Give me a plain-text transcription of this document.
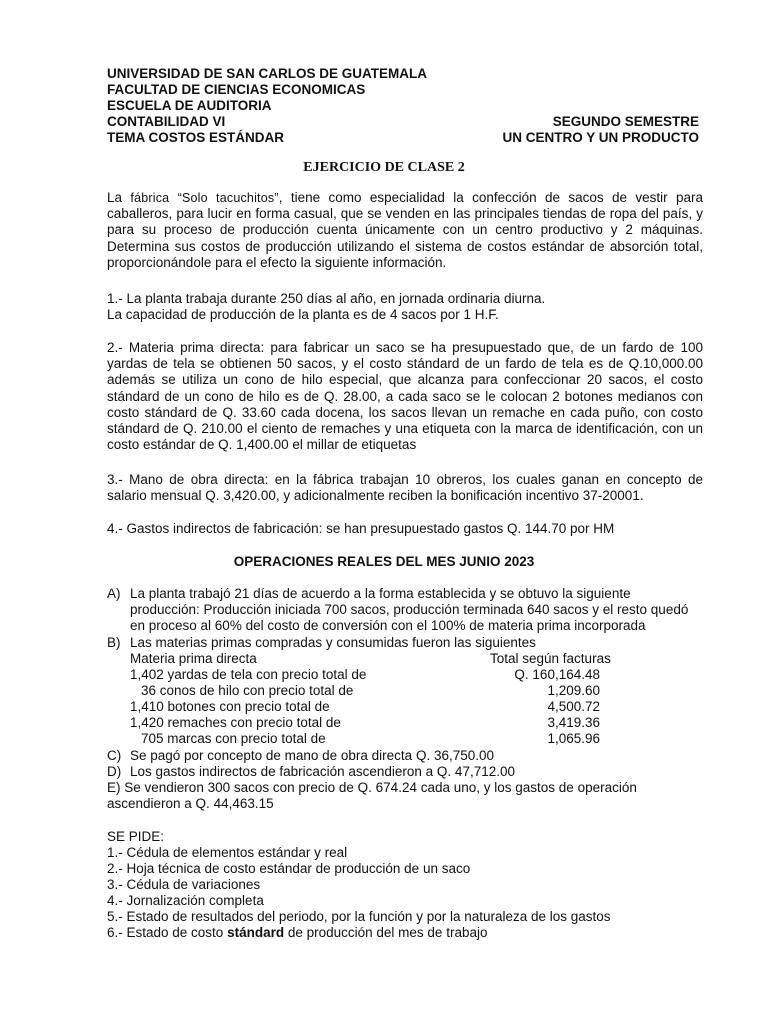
UNIVERSIDAD DE SAN CARLOS DE GUATEMALA
FACULTAD DE CIENCIAS ECONOMICAS
ESCUELA DE AUDITORIA
CONTABILIDAD VI	SEGUNDO SEMESTRE
TEMA COSTOS ESTÁNDAR	UN CENTRO Y UN PRODUCTO
EJERCICIO DE CLASE 2

La fábrica “Solo tacuchitos”, tiene como especialidad la confección de sacos de vestir para caballeros, para lucir en forma casual, que se venden en las principales tiendas de ropa del país, y para su proceso de producción cuenta únicamente con un centro productivo y 2 máquinas. Determina sus costos de producción utilizando el sistema de costos estándar de absorción total, proporcionándole para el efecto la siguiente información.

1.- La planta trabaja durante 250 días al año, en jornada ordinaria diurna.
La capacidad de producción de la planta es de 4 sacos por 1 H.F.

2.- Materia prima directa: para fabricar un saco se ha presupuestado que, de un fardo de 100 yardas de tela se obtienen 50 sacos, y el costo stándard de un fardo de tela es de Q.10,000.00 además se utiliza un cono de hilo especial, que alcanza para confeccionar 20 sacos, el costo stándard de un cono de hilo es de Q. 28.00, a cada saco se le colocan 2 botones medianos con costo stándard de Q. 33.60 cada docena, los sacos llevan un remache en cada puño, con costo stándard de Q. 210.00 el ciento de remaches y una etiqueta con la marca de identificación, con un costo estándar de Q. 1,400.00 el millar de etiquetas

3.- Mano de obra directa: en la fábrica trabajan 10 obreros, los cuales ganan en concepto de salario mensual Q. 3,420.00, y adicionalmente reciben la bonificación incentivo 37-20001.

4.- Gastos indirectos de fabricación: se han presupuestado gastos Q. 144.70 por HM
OPERACIONES REALES DEL MES JUNIO 2023
A) La planta trabajó 21 días de acuerdo a la forma establecida y se obtuvo la siguiente producción: Producción iniciada 700 sacos, producción terminada 640 sacos y el resto quedó en proceso al 60% del costo de conversión con el 100% de materia prima incorporada
B) Las materias primas compradas y consumidas fueron las siguientes
Materia prima directa	Total según facturas
1,402 yardas de tela con precio total de	Q. 160,164.48
36 conos de hilo con precio total de	1,209.60
1,410 botones con precio total de	4,500.72
1,420 remaches con precio total de	3,419.36
705 marcas con precio total de	1,065.96
C) Se pagó por concepto de mano de obra directa Q. 36,750.00
D) Los gastos indirectos de fabricación ascendieron a Q. 47,712.00
E) Se vendieron 300 sacos con precio de Q. 674.24 cada uno, y los gastos de operación ascendieron a Q. 44,463.15
SE PIDE:
1.- Cédula de elementos estándar y real
2.- Hoja técnica de costo estándar de producción de un saco
3.- Cédula de variaciones
4.- Jornalización completa
5.- Estado de resultados del periodo, por la función y por la naturaleza de los gastos
6.- Estado de costo stándard de producción del mes de trabajo
